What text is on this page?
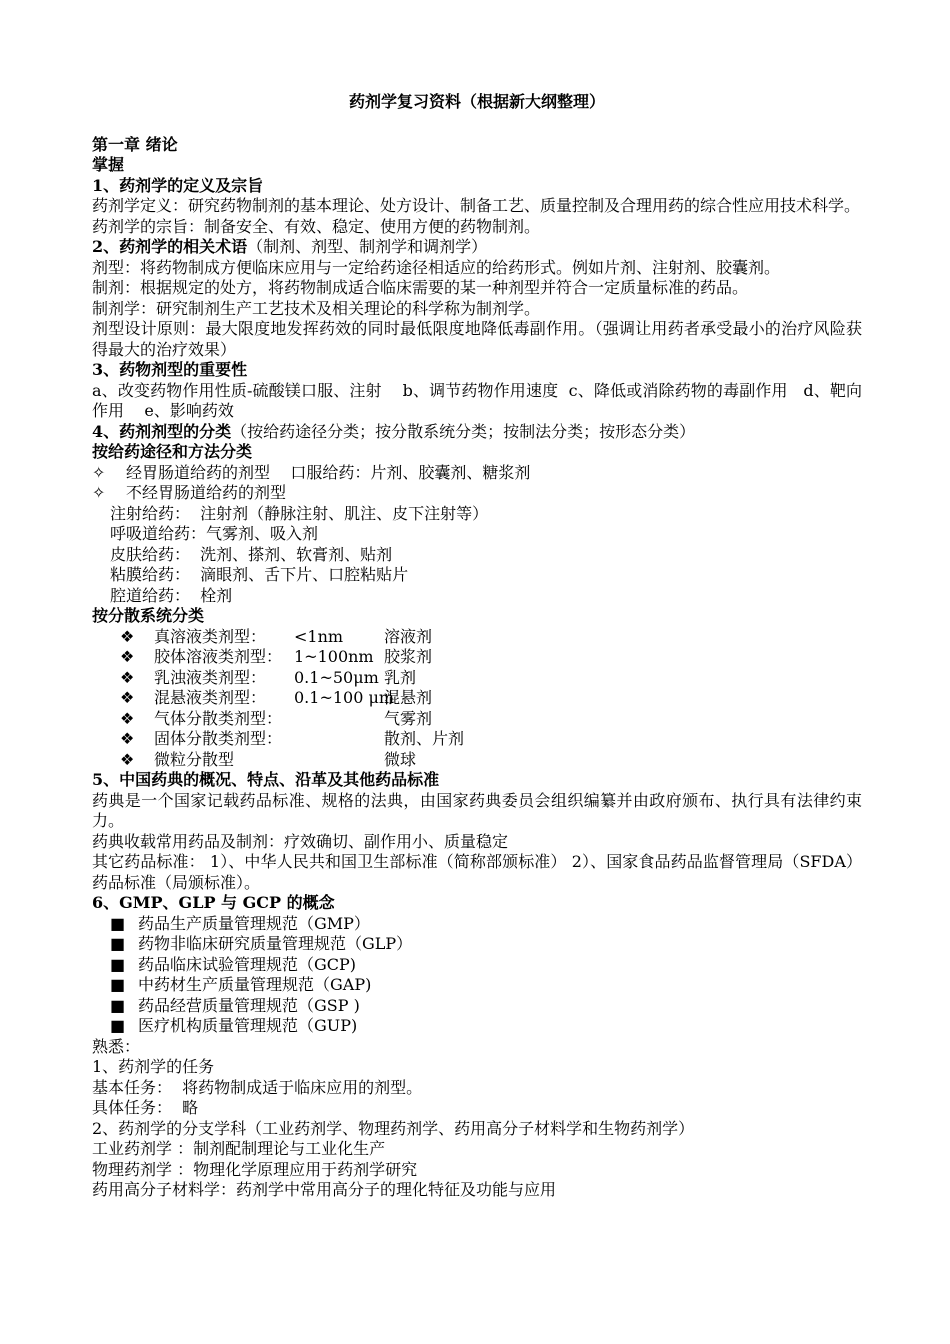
药剂学复习资料（根据新大纲整理）
第一章 绪论
掌握
1、药剂学的定义及宗旨
药剂学定义：研究药物制剂的基本理论、处方设计、制备工艺、质量控制及合理用药的综合性应用技术科学。
药剂学的宗旨：制备安全、有效、稳定、使用方便的药物制剂。
2、药剂学的相关术语（制剂、剂型、制剂学和调剂学）
剂型：将药物制成方便临床应用与一定给药途径相适应的给药形式。例如片剂、注射剂、胶囊剂。
制剂：根据规定的处方，将药物制成适合临床需要的某一种剂型并符合一定质量标准的药品。
制剂学：研究制剂生产工艺技术及相关理论的科学称为制剂学。
剂型设计原则：最大限度地发挥药效的同时最低限度地降低毒副作用。（强调让用药者承受最小的治疗风险获得最大的治疗效果）
3、药物剂型的重要性
a、改变药物作用性质-硫酸镁口服、注射    b、调节药物作用速度  c、降低或消除药物的毒副作用   d、靶向作用    e、影响药效
4、药剂剂型的分类（按给药途径分类；按分散系统分类；按制法分类；按形态分类）
按给药途径和方法分类
✧ 经胃肠道给药的剂型    口服给药：片剂、胶囊剂、糖浆剂
✧ 不经胃肠道给药的剂型
注射给药：  注射剂（静脉注射、肌注、皮下注射等）
呼吸道给药：气雾剂、吸入剂
皮肤给药：  洗剂、搽剂、软膏剂、贴剂
粘膜给药：  滴眼剂、舌下片、口腔粘贴片
腔道给药：  栓剂
按分散系统分类
❖ 真溶液类剂型： <1nm	溶液剂
❖ 胶体溶液类剂型： 1~100nm 胶浆剂
❖ 乳浊液类剂型： 0.1~50μm 乳剂
❖ 混悬液类剂型： 0.1~100 μm混悬剂
❖ 气体分散类剂型：	气雾剂
❖ 固体分散类剂型：	散剂、片剂
❖ 微粒分散型	微球
5、中国药典的概况、特点、沿革及其他药品标准
药典是一个国家记载药品标准、规格的法典，由国家药典委员会组织编纂并由政府颁布、执行具有法律约束力。
药典收载常用药品及制剂：疗效确切、副作用小、质量稳定
其它药品标准： 1）、中华人民共和国卫生部标准（简称部颁标准） 2）、国家食品药品监督管理局（SFDA）药品标准（局颁标准）。
6、GMP、GLP 与 GCP 的概念
■ 药品生产质量管理规范（GMP）
■ 药物非临床研究质量管理规范（GLP）
■ 药品临床试验管理规范（GCP)
■ 中药材生产质量管理规范（GAP)
■ 药品经营质量管理规范（GSP )
■ 医疗机构质量管理规范（GUP)
熟悉：
1、药剂学的任务
基本任务：  将药物制成适于临床应用的剂型。
具体任务：  略
2、药剂学的分支学科（工业药剂学、物理药剂学、药用高分子材料学和生物药剂学）
工业药剂学 ：制剂配制理论与工业化生产
物理药剂学 ：物理化学原理应用于药剂学研究
药用高分子材料学：药剂学中常用高分子的理化特征及功能与应用
